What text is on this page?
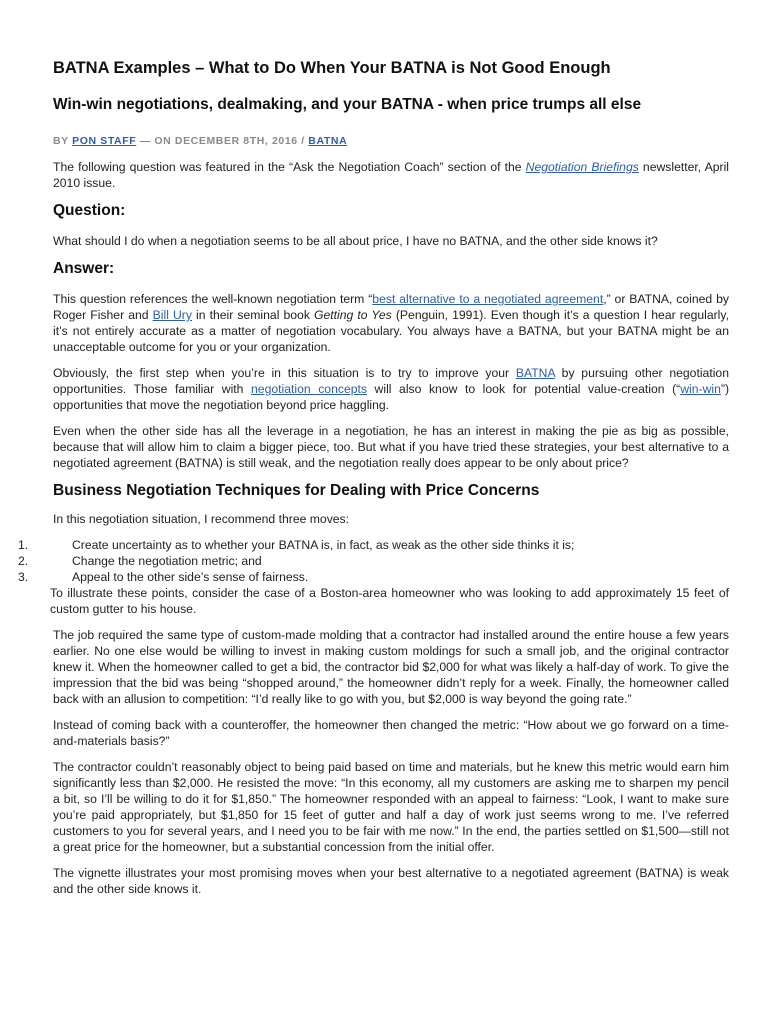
BATNA Examples – What to Do When Your BATNA is Not Good Enough
Win-win negotiations, dealmaking, and your BATNA - when price trumps all else
BY PON STAFF — ON DECEMBER 8TH, 2016 / BATNA

The following question was featured in the “Ask the Negotiation Coach” section of the Negotiation Briefings newsletter, April 2010 issue.

Question:

What should I do when a negotiation seems to be all about price, I have no BATNA, and the other side knows it?

Answer:

This question references the well-known negotiation term “best alternative to a negotiated agreement,” or BATNA, coined by Roger Fisher and Bill Ury in their seminal book Getting to Yes (Penguin, 1991). Even though it’s a question I hear regularly, it’s not entirely accurate as a matter of negotiation vocabulary. You always have a BATNA, but your BATNA might be an unacceptable outcome for you or your organization.

Obviously, the first step when you’re in this situation is to try to improve your BATNA by pursuing other negotiation opportunities. Those familiar with negotiation concepts will also know to look for potential value-creation (“win-win”) opportunities that move the negotiation beyond price haggling.

Even when the other side has all the leverage in a negotiation, he has an interest in making the pie as big as possible, because that will allow him to claim a bigger piece, too. But what if you have tried these strategies, your best alternative to a negotiated agreement (BATNA) is still weak, and the negotiation really does appear to be only about price?

Business Negotiation Techniques for Dealing with Price Concerns

In this negotiation situation, I recommend three moves:

1.	Create uncertainty as to whether your BATNA is, in fact, as weak as the other side thinks it is;
2.	Change the negotiation metric; and
3.	Appeal to the other side’s sense of fairness.

To illustrate these points, consider the case of a Boston-area homeowner who was looking to add approximately 15 feet of custom gutter to his house.

The job required the same type of custom-made molding that a contractor had installed around the entire house a few years earlier. No one else would be willing to invest in making custom moldings for such a small job, and the original contractor knew it. When the homeowner called to get a bid, the contractor bid $2,000 for what was likely a half-day of work. To give the impression that the bid was being “shopped around,” the homeowner didn’t reply for a week. Finally, the homeowner called back with an allusion to competition: “I’d really like to go with you, but $2,000 is way beyond the going rate.”

Instead of coming back with a counteroffer, the homeowner then changed the metric: “How about we go forward on a time-and-materials basis?”

The contractor couldn’t reasonably object to being paid based on time and materials, but he knew this metric would earn him significantly less than $2,000. He resisted the move: “In this economy, all my customers are asking me to sharpen my pencil a bit, so I’ll be willing to do it for $1,850.” The homeowner responded with an appeal to fairness: “Look, I want to make sure you’re paid appropriately, but $1,850 for 15 feet of gutter and half a day of work just seems wrong to me. I’ve referred customers to you for several years, and I need you to be fair with me now.” In the end, the parties settled on $1,500—still not a great price for the homeowner, but a substantial concession from the initial offer.

The vignette illustrates your most promising moves when your best alternative to a negotiated agreement (BATNA) is weak and the other side knows it.
